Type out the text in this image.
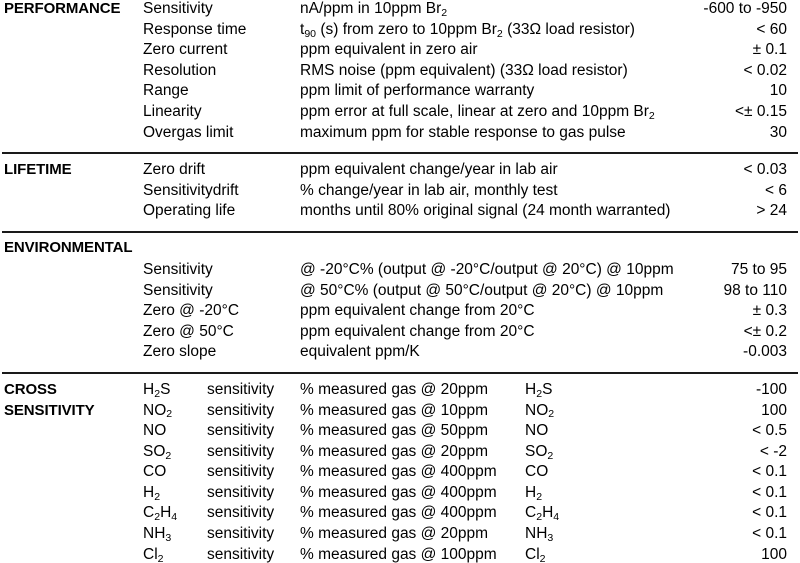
PERFORMANCE	Sensitivity	nA/ppm in 10ppm $Br_2$	-600 to -950
Response time	$t_{90}$ (s) from zero to 10ppm $Br_2$ (33Ω load resistor)	< 60
Zero current	ppm equivalent in zero air	± 0.1
Resolution	RMS noise (ppm equivalent) (33Ω load resistor)	< 0.02
Range	ppm limit of performance warranty	10
Linearity	ppm error at full scale, linear at zero and 10ppm $Br_2$	<± 0.15
Overgas limit	maximum ppm for stable response to gas pulse	30
LIFETIME	Zero drift	ppm equivalent change/year in lab air	< 0.03
Sensitivitydrift	% change/year in lab air, monthly test	< 6
Operating life	months until 80% original signal (24 month warranted)	> 24
ENVIRONMENTAL
Sensitivity	@ -20°C% (output @ -20°C/output @ 20°C) @ 10ppm	75 to 95
Sensitivity	@ 50°C% (output @ 50°C/output @ 20°C) @ 10ppm	98 to 110
Zero @ -20°C	ppm equivalent change from 20°C	± 0.3
Zero @ 50°C	ppm equivalent change from 20°C	<± 0.2
Zero slope	equivalent ppm/K	-0.003
CROSS	$H_2S$	sensitivity	% measured gas @ 20ppm	$H_2S$	-100
SENSITIVITY	$NO_2$	sensitivity	% measured gas @ 10ppm	$NO_2$	100
NO	sensitivity	% measured gas @ 50ppm	NO	< 0.5
$SO_2$	sensitivity	% measured gas @ 20ppm	$SO_2$	< -2
CO	sensitivity	% measured gas @ 400ppm	CO	< 0.1
$H_2$	sensitivity	% measured gas @ 400ppm	$H_2$	< 0.1
$C_2H_4$	sensitivity	% measured gas @ 400ppm	$C_2H_4$	< 0.1
$NH_3$	sensitivity	% measured gas @ 20ppm	$NH_3$	< 0.1
$Cl_2$	sensitivity	% measured gas @ 100ppm	$Cl_2$	100
